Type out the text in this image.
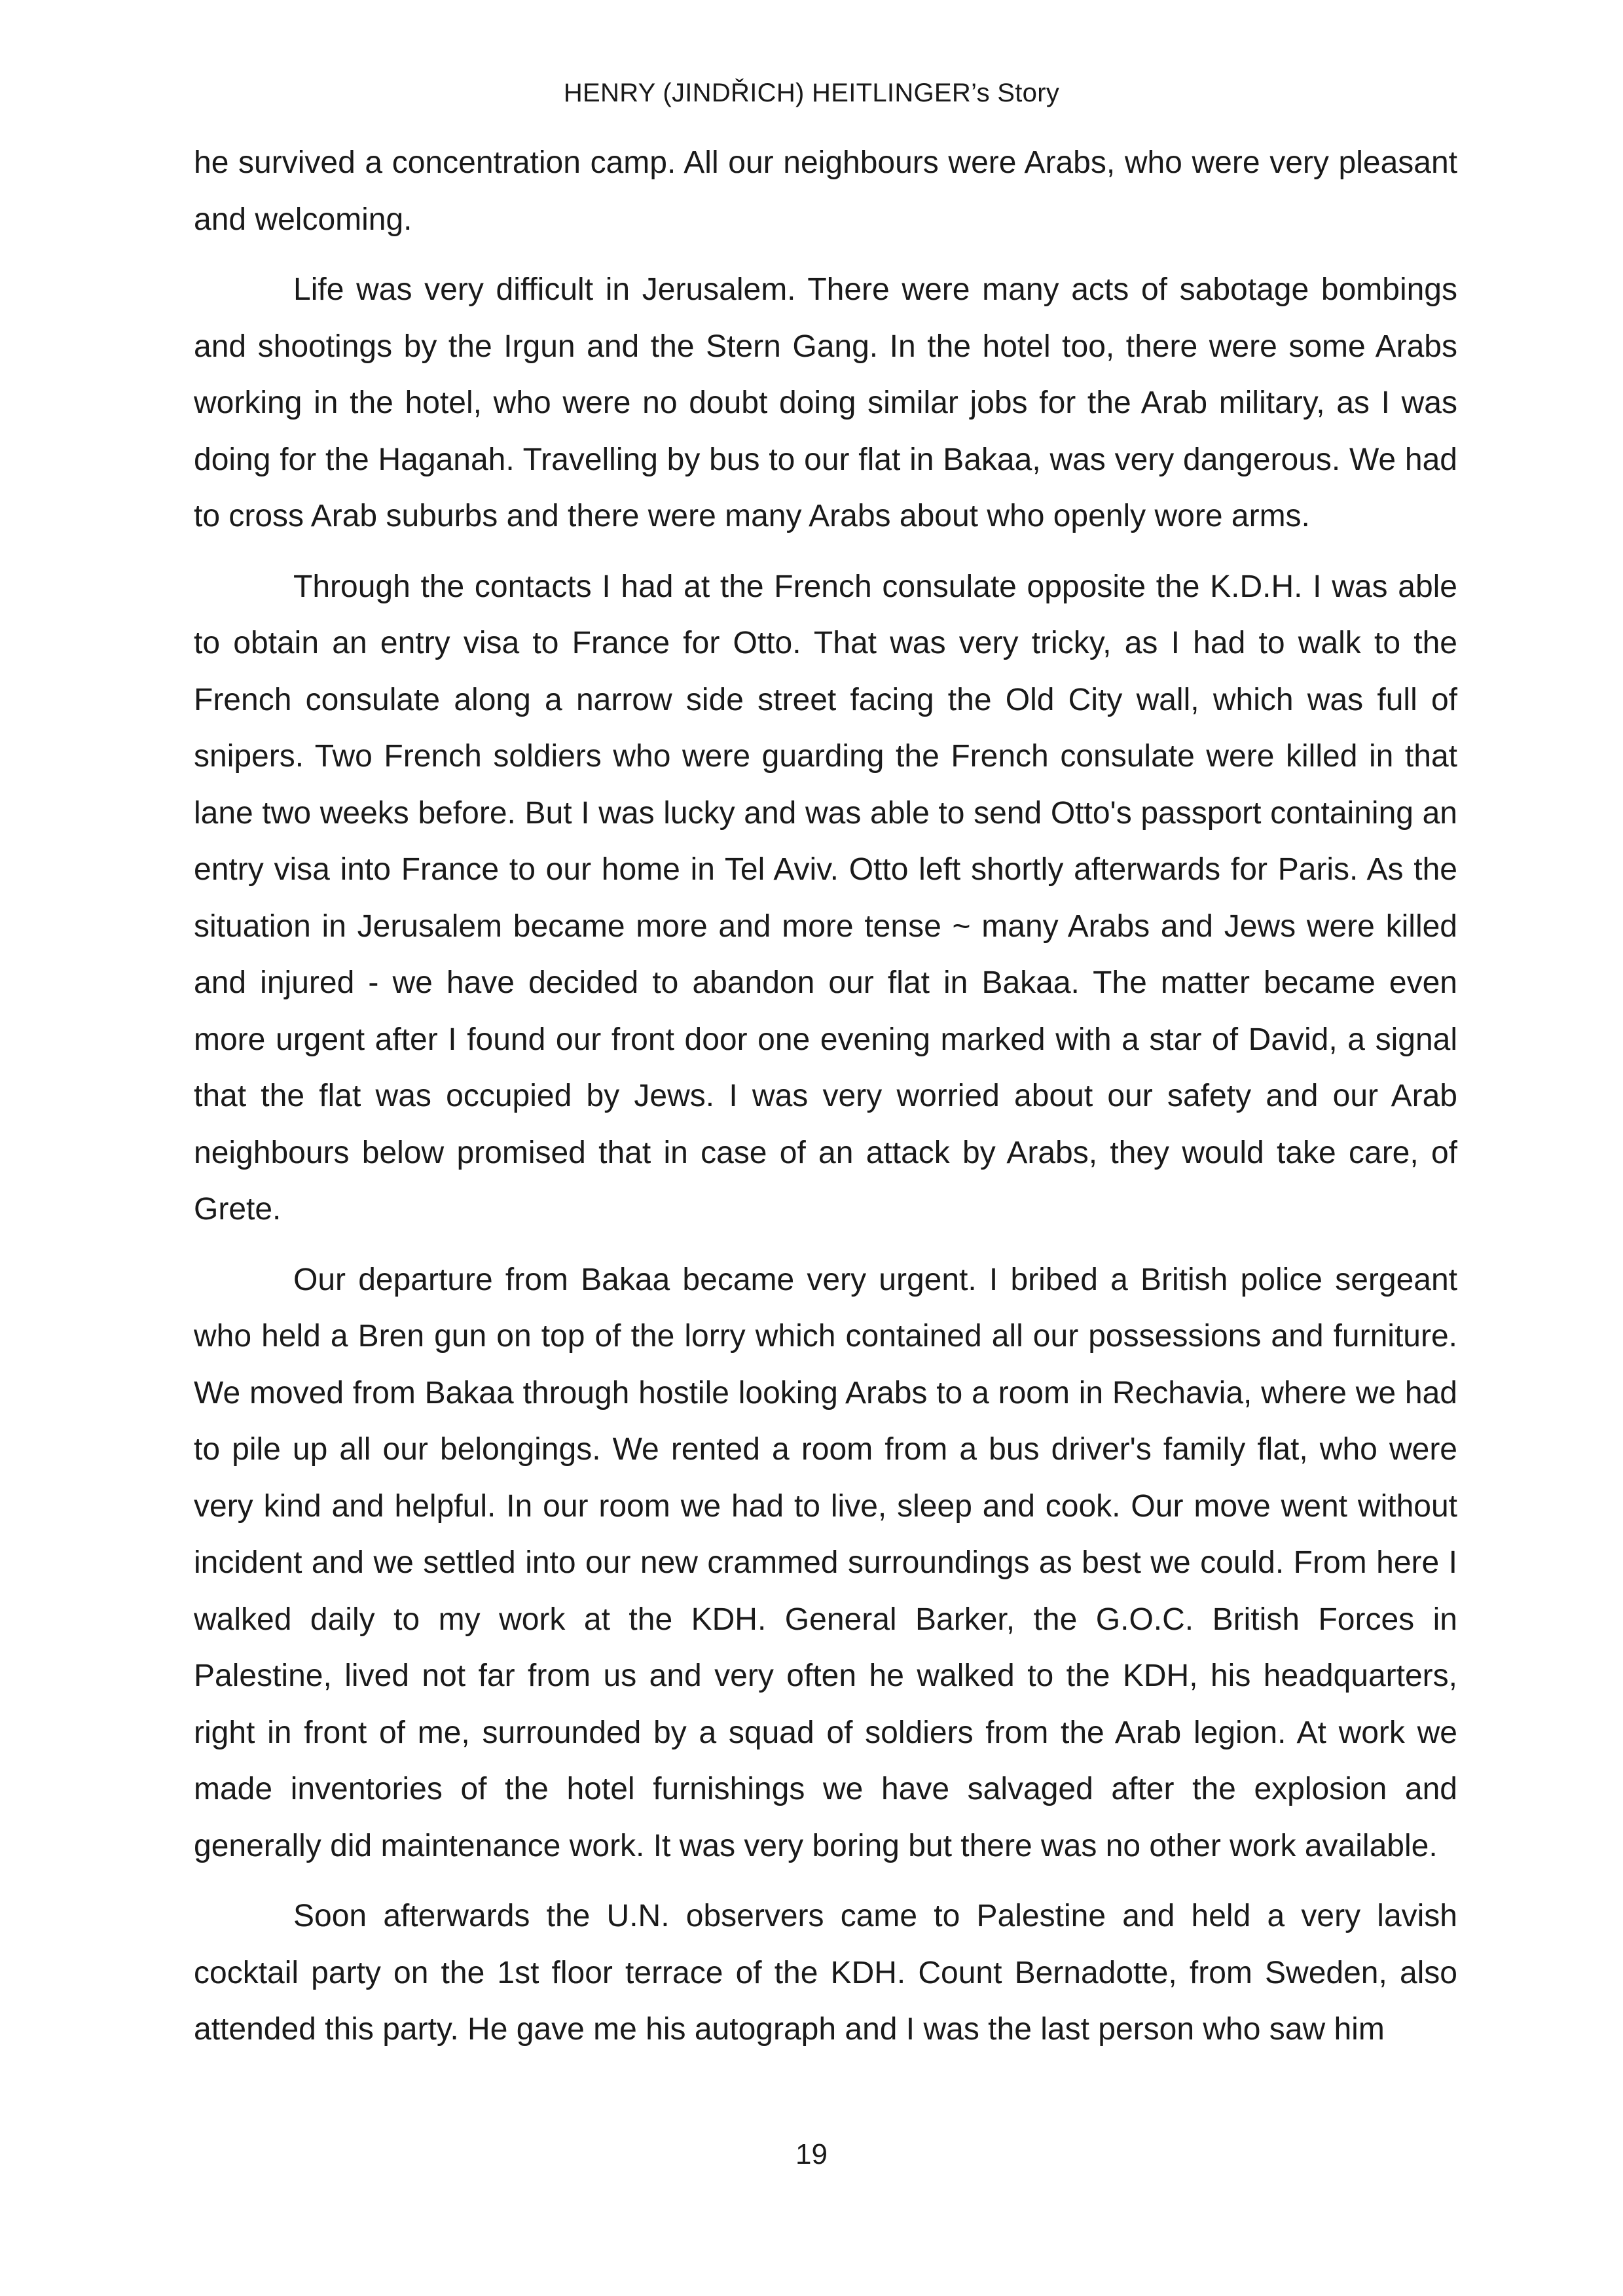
HENRY (JINDŘICH) HEITLINGER’s Story

he survived a concentration camp. All our neighbours were Arabs, who were very pleasant and welcoming.

Life was very difficult in Jerusalem. There were many acts of sabotage bombings and shootings by the Irgun and the Stern Gang. In the hotel too, there were some Arabs working in the hotel, who were no doubt doing similar jobs for the Arab military, as I was doing for the Haganah. Travelling by bus to our flat in Bakaa, was very dangerous. We had to cross Arab suburbs and there were many Arabs about who openly wore arms.

Through the contacts I had at the French consulate opposite the K.D.H. I was able to obtain an entry visa to France for Otto. That was very tricky, as I had to walk to the French consulate along a narrow side street facing the Old City wall, which was full of snipers. Two French soldiers who were guarding the French consulate were killed in that lane two weeks before. But I was lucky and was able to send Otto's passport containing an entry visa into France to our home in Tel Aviv. Otto left shortly afterwards for Paris. As the situation in Jerusalem became more and more tense ~ many Arabs and Jews were killed and injured - we have decided to abandon our flat in Bakaa. The matter became even more urgent after I found our front door one evening marked with a star of David, a signal that the flat was occupied by Jews. I was very worried about our safety and our Arab neighbours below promised that in case of an attack by Arabs, they would take care, of Grete.

Our departure from Bakaa became very urgent. I bribed a British police sergeant who held a Bren gun on top of the lorry which contained all our possessions and furniture. We moved from Bakaa through hostile looking Arabs to a room in Rechavia, where we had to pile up all our belongings. We rented a room from a bus driver's family flat, who were very kind and helpful. In our room we had to live, sleep and cook. Our move went without incident and we settled into our new crammed surroundings as best we could. From here I walked daily to my work at the KDH. General Barker, the G.O.C. British Forces in Palestine, lived not far from us and very often he walked to the KDH, his headquarters, right in front of me, surrounded by a squad of soldiers from the Arab legion. At work we made inventories of the hotel furnishings we have salvaged after the explosion and generally did maintenance work. It was very boring but there was no other work available.

Soon afterwards the U.N. observers came to Palestine and held a very lavish cocktail party on the 1st floor terrace of the KDH. Count Bernadotte, from Sweden, also attended this party. He gave me his autograph and I was the last person who saw him

19
